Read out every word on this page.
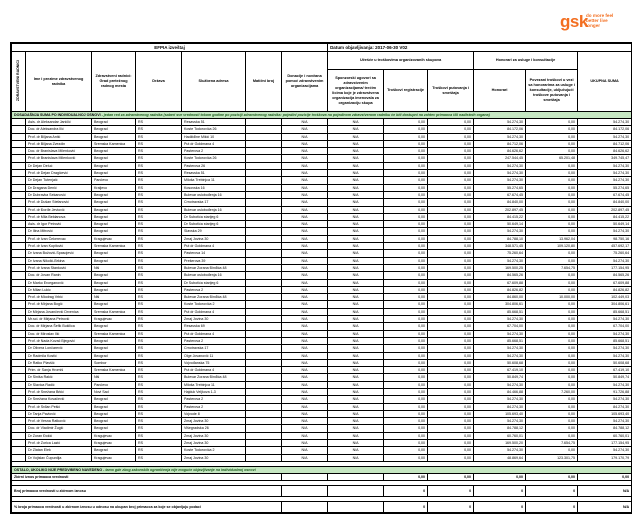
gsk
do more feel better live longer
EFPIA izveštaj							Datum objavljivanja: 2017-06-30 V02					
ZDRAVSTVENI RADNICI	Ime i prezime zdravstvenog radnika	Zdravstveni radnici: Grad pretežnog radnog mesta	Država	Službena adresa	Matični broj	Donacije i novčana pomoć zdravstvenim organizacijama	Učešće u troškovima organizovanih skupova			Honorari za usluge i konsultacije		UKUPNA SUMA
							Sponzorski ugovori sa zdravstvenim organizacijama/ trećim licima koje je zdravstvena organizacija imenovala za organizaciju skupa	Troškovi registracije	Troškovi putovanja i smeštaja	Honorari	Povezani troškovi u vezi sa honorarima za usluge i konsultacije, uključujući troškove putovanja i smeštaja	
DOSADAŠNJA SUMA PO INDIVIDUALNOJ OSNOVI - jedan red za zdravstvenog radnika (saberi sve vrednosti tokom godine po poziciji zdravstvenog radnika: pojedini pozicije troškova na pojedinom zdravstvenom radniku će biti dostupni na zahtev primaoca i/ili nadležnih organa)												
	Asis. dr Aleksandar Janičić	Beograd	RS	Resavska 51		N/A	N/A	0,00	0,00	54.274,30	0,00	54.274,30
	Doc. dr Aleksandra Ilić	Beograd	RS	Koste Todorovića 26		N/A	N/A	0,00	0,00	84.172,06	0,00	84.172,06
	Prof. dr Biljana Antić	Beograd	RS	Hadžiđine Mikić 10		N/A	N/A	0,00	0,00	54.274,30	0,00	54.274,30
	Prof. dr Biljana Zvezdin	Sremska Kamenica	RS	Put dr Goldmana 4		N/A	N/A	0,00	0,00	84.712,06	0,00	84.712,06
	Doc. dr Branislava Milenković	Beograd	RS	Pasterova 2		N/A	N/A	0,00	0,00	84.626,62	0,00	84.626,62
	Prof. dr Branislava Milenković	Beograd	RS	Koste Todorovića 26		N/A	N/A	0,00	0,00	247.544,45	65.201,48	349.745,47
	Dr Dejan Deluć	Beograd	RS	Pasterova 26		N/A	N/A	0,00	0,00	54.274,30	0,00	54.274,30
	Prof. dr Dejan Dragićević	Beograd	RS	Resavska 51		N/A	N/A	0,00	0,00	54.274,30	0,00	54.274,30
	Dr Dejan Tutenjaić	Pančevo	RS	Miloša Trebinjca 11		N/A	N/A	0,00	0,00	54.274,30	0,00	54.274,30
	Dr Dragana Denić	Kraljevo	RS	Kosovska 16		N/A	N/A	0,00	0,00	55.274,65	0,00	55.274,65
	Dr Dubravka Sekanović	Beograd	RS	Bulevar oslobođenja 16		N/A	N/A	0,00	0,00	67.674,45	0,00	67.674,45
	Prof. dr Dušan Stefanović	Beograd	RS	Crnotravska 17		N/A	N/A	0,00	0,00	84.840,00	0,00	84.840,00
	Prof. dr Đorđe Jevtović	Beograd	RS	Bulevar oslobođenja 16		N/A	N/A	0,00	0,00	202.897,45	0,00	202.897,45
	Prof. dr Mila Bełdanova	Beograd	RS	Dr Subotića starijeg 6		N/A	N/A	0,00	0,00	84.415,22	0,00	84.415,22
	Asis. dr Igor Petrović	Beograd	RS	Dr Subotića starijeg 6		N/A	N/A	0,00	0,00	50.649,14	0,00	50.649,14
	Dr Ilina Mitrović	Beograd	RS	Slavska 29		N/A	N/A	0,00	0,00	54.274,30	0,00	54.274,30
	Prof. dr Ivan Čekerevac	Kragujevac	RS	Zmaj Jovina 30		N/A	N/A	0,00	0,00	84.788,10	13.962,04	98.750,16
	Prof. dr Ivan Kopitović	Sremska Kamenica	RS	Put dr Goldmana 4		N/A	N/A	0,00	0,00	348.571,45	109.120,80	457.692,17
	Dr Ivana Božović-Spasojević	Beograd	RS	Pasterova 14		N/A	N/A	0,00	0,00	75.260,64	0,00	75.260,64
	Dr Ivana Nikolić-Brkina	Beograd	RS	Prešerova 39		N/A	N/A	0,00	0,00	54.274,30	0,00	54.274,30
	Prof. dr Ivana Stanković	Niš	RS	Bulevar Zorana Đinđića 48		N/A	N/A	0,00	0,00	169.500,25	7.654,75	177.154,95
	Doc. dr Jovan Ranin	Beograd	RS	Bulevar oslobođenja 16		N/A	N/A	0,00	0,00	84.565,26	0,00	84.565,26
	Dr Marko Erceganović	Beograd	RS	Dr Subotića starijeg 6		N/A	N/A	0,00	0,00	67.609,88	0,00	67.609,88
	Dr Milan Lukic	Beograd	RS	Pasterova 2		N/A	N/A	0,00	0,00	84.826,82	0,00	84.826,82
	Prof. dr Miodrag Vrbić	Niš	RS	Bulevar Zorana Đinđića 48		N/A	N/A	0,00	0,00	84.860,00	10.000,00	102.449,03
	Prof. dr Mirjana Bogić	Beograd	RS	Koste Todorovića 2		N/A	N/A	0,00	0,00	304.806,61	0,00	304.806,61
	Dr Mirjana Jovančević Drvenica	Sremska Kamenica	RS	Put dr Goldmana 4		N/A	N/A	0,00	0,00	85.668,51	0,00	85.668,51
	Mr.sci. dr Mirjana Petrović	Kragujevac	RS	Zmaj Jovina 30		N/A	N/A	0,00	0,00	54.274,30	0,00	54.274,30
	Doc. dr Mirjana Šefik Bukilica	Beograd	RS	Resavska 69		N/A	N/A	0,00	0,00	67.704,00	0,00	67.704,00
	Doc. dr Miroslav Ilić	Sremska Kamenica	RS	Put dr Goldmana 4		N/A	N/A	0,00	0,00	54.274,30	0,00	54.274,30
	Prof. dr Nada Kovač Bjegović	Beograd	RS	Pasterova 2		N/A	N/A	0,00	0,00	85.668,51	0,00	85.668,51
	Dr Olivera Lončarević	Beograd	RS	Crnotravska 17		N/A	N/A	0,00	0,00	54.274,30	0,00	54.274,30
	Dr Radmila Kostić	Beograd	RS	Olge Jovanović 11		N/A	N/A	0,00	0,00	54.274,30	0,00	54.274,30
	Dr Ratko Plavšić	Sombor	RS	Vojvođanska 75		N/A	N/A	0,00	0,00	50.608,68	0,00	50.608,68
	Prim. dr Sanja Hromiš	Sremska Kamenica	RS	Put dr Goldmana 4		N/A	N/A	0,00	0,00	67.419,10	0,00	67.419,10
	Dr Siniša Rakić	Niš	RS	Bulevar Zorana Đinđića 48		N/A	N/A	0,00	0,00	50.849,74	0,00	50.849,74
	Dr Slavica Radić	Pančevo	RS	Miloša Trebinjca 11		N/A	N/A	0,00	0,00	54.274,30	0,00	54.274,30
	Prof. dr Snežana Brkić	Novi Sad	RS	Hajduk Veljkova 1-3		N/A	N/A	0,00	0,00	84.466,88	7.260,00	91.726,88
	Dr Snežana Kovačević	Beograd	RS	Pasterova 2		N/A	N/A	0,00	0,00	54.274,30	0,00	54.274,30
	Prof. dr Srđan Pešić	Beograd	RS	Pasterova 2		N/A	N/A	0,00	0,00	84.274,30	0,00	84.274,30
	Dr Tanja Pavlović	Beograd	RS	Vojvode 8		N/A	N/A	0,00	0,00	105.693,40	0,00	105.693,40
	Prof. dr Vesna Ratković	Beograd	RS	Zmaj Jovina 30		N/A	N/A	0,00	0,00	54.274,30	0,00	54.274,30
	Doc. dr Vladimir Žugić	Beograd	RS	Višegradska 26		N/A	N/A	0,00	0,00	84.788,12	0,00	84.788,12
	Dr Zoran Đokić	Kragujevac	RS	Zmaj Jovina 30		N/A	N/A	0,00	0,00	60.760,01	0,00	60.760,01
	Prof. dr Zorica Lazić	Kragujevac	RS	Zmaj Jovina 30		N/A	N/A	0,00	0,00	169.500,20	7.654,75	177.154,95
	Dr Zlatan Elek	Beograd	RS	Koste Todorovića 2		N/A	N/A	0,00	0,00	54.274,30	0,00	54.274,30
	Dr Vojislav Čupurdija	Kragujevac	RS	Zmaj Jovina 30		N/A	N/A	0,00	0,00	48.869,64	123.301,75	179.170,79

OSTALO, UKOLIKO NIJE PREDVIĐENO NAVEDENO - tamo gde zbog zakonskih ograničenja nije moguće objavljivanje na individualnoj osnovi												
Zbirni iznos primaoca vrednosti								0,00	0,00	0,00	0,00	0,00

Broj primaoca vrednosti u zbirnom iznosu								0	0	0	0	N/A

% broja primaoca vrednosti u zbirnom iznosu u odnosu na ukupan broj primaoca za koje se objavljuju podaci								0	0	0	0	N/A
